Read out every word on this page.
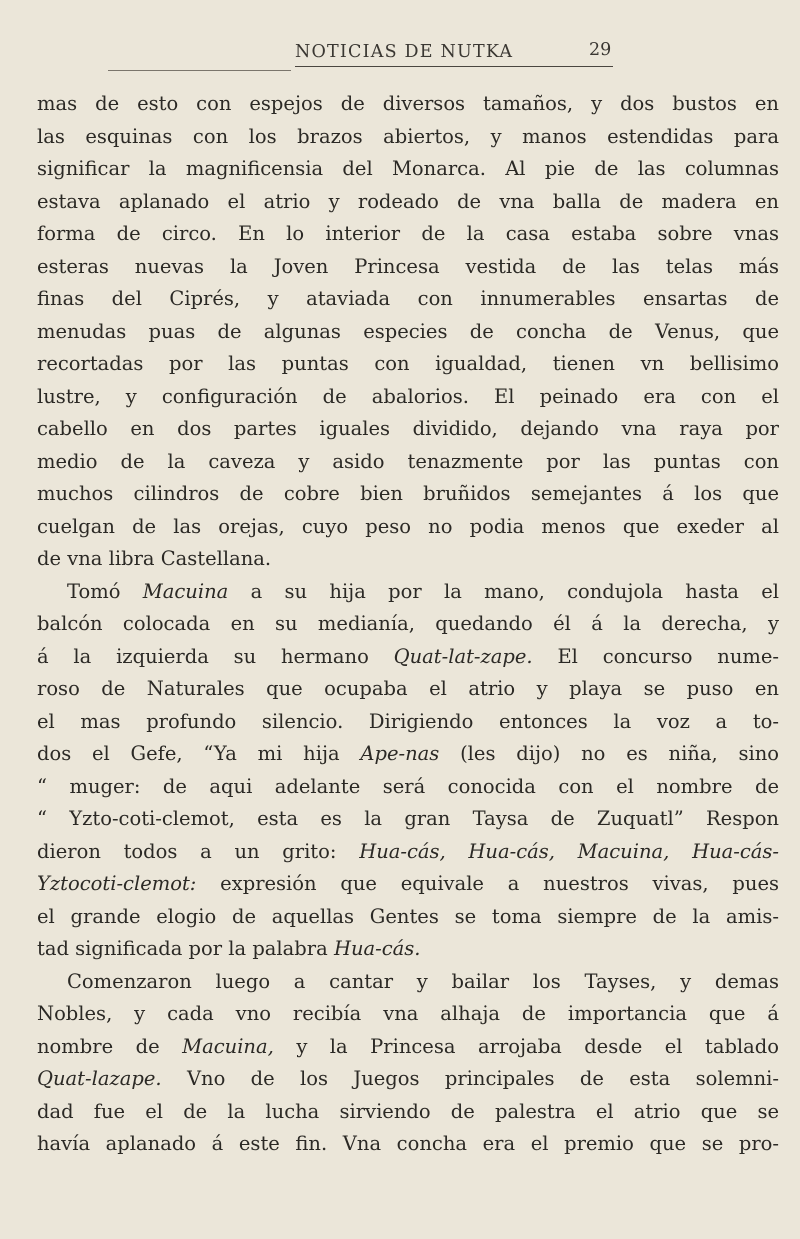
NOTICIAS DE NUTKA	29
mas de esto con espejos de diversos tamaños, y dos bustos en
las esquinas con los brazos abiertos, y manos estendidas para
significar la magnificensia del Monarca. Al pie de las columnas
estava aplanado el atrio y rodeado de vna balla de madera en
forma de circo. En lo interior de la casa estaba sobre vnas
esteras nuevas la Joven Princesa vestida de las telas más
finas del Ciprés, y ataviada con innumerables ensartas de
menudas puas de algunas especies de concha de Venus, que
recortadas por las puntas con igualdad, tienen vn bellisimo
lustre, y configuración de abalorios. El peinado era con el
cabello en dos partes iguales dividido, dejando vna raya por
medio de la caveza y asido tenazmente por las puntas con
muchos cilindros de cobre bien bruñidos semejantes á los que
cuelgan de las orejas, cuyo peso no podia menos que exeder al
de vna libra Castellana.
Tomó Macuina a su hija por la mano, condujola hasta el
balcón colocada en su medianía, quedando él á la derecha, y
á la izquierda su hermano Quat-lat-zape. El concurso nume-
roso de Naturales que ocupaba el atrio y playa se puso en
el mas profundo silencio. Dirigiendo entonces la voz a to-
dos el Gefe, “Ya mi hija Ape-nas (les dijo) no es niña, sino
“ muger: de aqui adelante será conocida con el nombre de
“ Yzto-coti-clemot, esta es la gran Taysa de Zuquatl” Respon
dieron todos a un grito: Hua-cás, Hua-cás, Macuina, Hua-cás-
Yztocoti-clemot: expresión que equivale a nuestros vivas, pues
el grande elogio de aquellas Gentes se toma siempre de la amis-
tad significada por la palabra Hua-cás.
Comenzaron luego a cantar y bailar los Tayses, y demas
Nobles, y cada vno recibía vna alhaja de importancia que á
nombre de Macuina, y la Princesa arrojaba desde el tablado
Quat-lazape. Vno de los Juegos principales de esta solemni-
dad fue el de la lucha sirviendo de palestra el atrio que se
havía aplanado á este fin. Vna concha era el premio que se pro-
